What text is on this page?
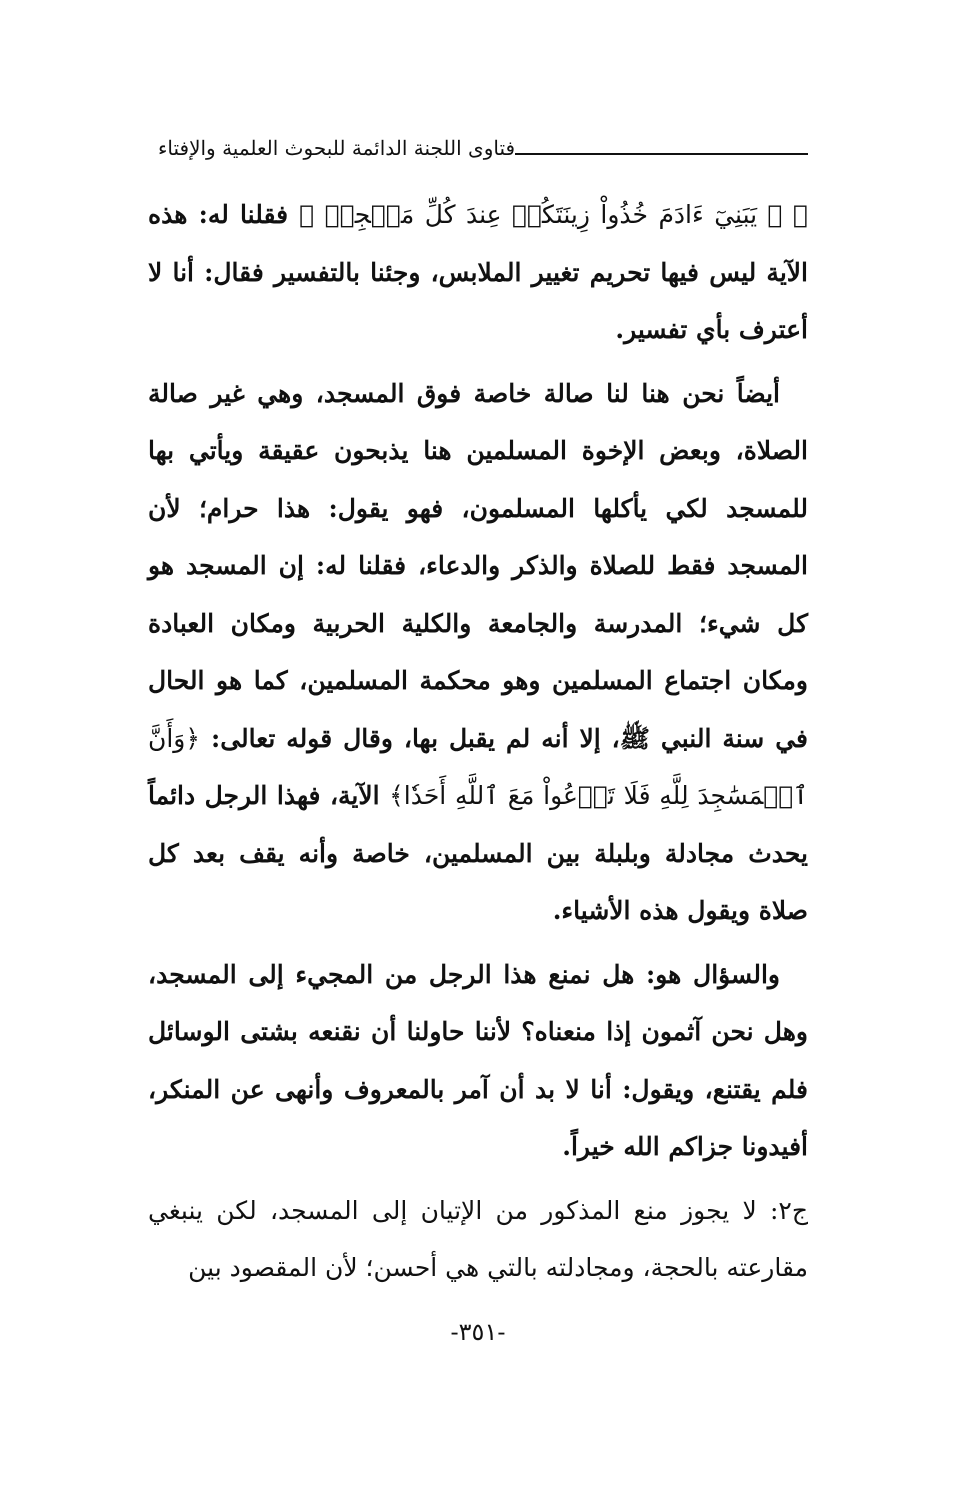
فتاوى اللجنة الدائمة للبحوث العلمية والإفتاء

﴿ ۞ يَبَنِيٓ ءَادَمَ خُذُواْ زِينَتَكُمۡ عِندَ كُلِّ مَسۡجِدٖ ﴾ فقلنا له: هذه الآية ليس فيها تحريم تغيير الملابس، وجئنا بالتفسير فقال: أنا لا أعترف بأي تفسير.

أيضاً نحن هنا لنا صالة خاصة فوق المسجد، وهي غير صالة الصلاة، وبعض الإخوة المسلمين هنا يذبحون عقيقة ويأتي بها للمسجد لكي يأكلها المسلمون، فهو يقول: هذا حرام؛ لأن المسجد فقط للصلاة والذكر والدعاء، فقلنا له: إن المسجد هو كل شيء؛ المدرسة والجامعة والكلية الحربية ومكان العبادة ومكان اجتماع المسلمين وهو محكمة المسلمين، كما هو الحال في سنة النبي ﷺ، إلا أنه لم يقبل بها، وقال قوله تعالى: ﴿وَأَنَّ ٱلۡمَسَٰجِدَ لِلَّهِ فَلَا تَدۡعُواْ مَعَ ٱللَّهِ أَحَدٗا﴾ الآية، فهذا الرجل دائماً يحدث مجادلة وبلبلة بين المسلمين، خاصة وأنه يقف بعد كل صلاة ويقول هذه الأشياء.

والسؤال هو: هل نمنع هذا الرجل من المجيء إلى المسجد، وهل نحن آثمون إذا منعناه؟ لأننا حاولنا أن نقنعه بشتى الوسائل فلم يقتنع، ويقول: أنا لا بد أن آمر بالمعروف وأنهى عن المنكر، أفيدونا جزاكم الله خيراً.

ج٢: لا يجوز منع المذكور من الإتيان إلى المسجد، لكن ينبغي مقارعته بالحجة، ومجادلته بالتي هي أحسن؛ لأن المقصود بين

-٣٥١-
